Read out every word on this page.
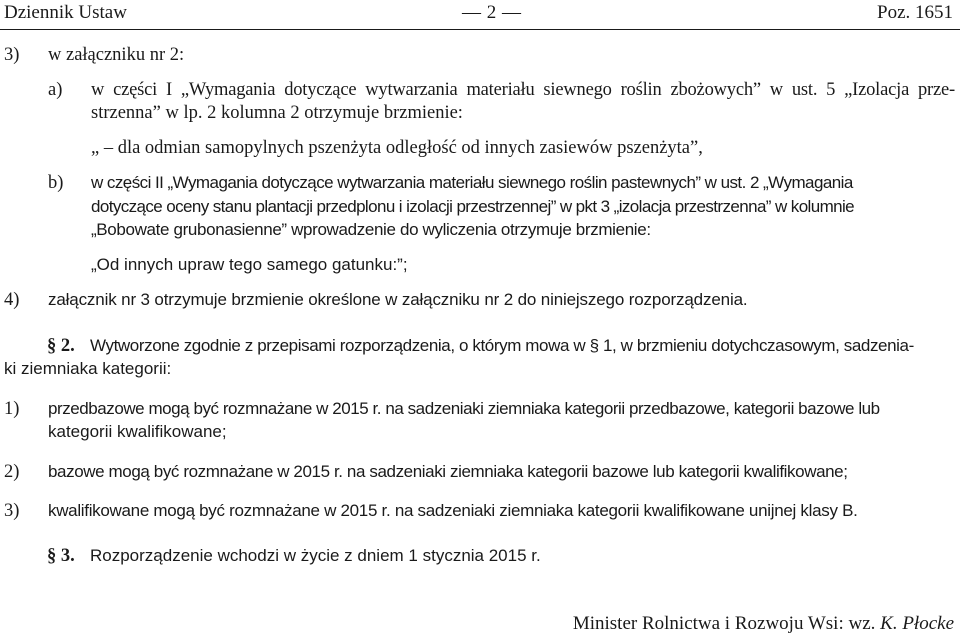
Dziennik Ustaw	— 2 —	Poz. 1651
3) w załączniku nr 2:
a) w części I „Wymagania dotyczące wytwarzania materiału siewnego roślin zbożowych” w ust. 5 „Izolacja prze-
strzenna” w lp. 2 kolumna 2 otrzymuje brzmienie:
„ – dla odmian samopylnych pszenżyta odległość od innych zasiewów pszenżyta”,
b) w części II „Wymagania dotyczące wytwarzania materiału siewnego roślin pastewnych” w ust. 2 „Wymagania
dotyczące oceny stanu plantacji przedplonu i izolacji przestrzennej” w pkt 3 „izolacja przestrzenna” w kolumnie
„Bobowate grubonasienne” wprowadzenie do wyliczenia otrzymuje brzmienie:
„Od innych upraw tego samego gatunku:”;
4) załącznik nr 3 otrzymuje brzmienie określone w załączniku nr 2 do niniejszego rozporządzenia.
§ 2. Wytworzone zgodnie z przepisami rozporządzenia, o którym mowa w § 1, w brzmieniu dotychczasowym, sadzenia-
ki ziemniaka kategorii:
1) przedbazowe mogą być rozmnażane w 2015 r. na sadzeniaki ziemniaka kategorii przedbazowe, kategorii bazowe lub
kategorii kwalifikowane;
2) bazowe mogą być rozmnażane w 2015 r. na sadzeniaki ziemniaka kategorii bazowe lub kategorii kwalifikowane;
3) kwalifikowane mogą być rozmnażane w 2015 r. na sadzeniaki ziemniaka kategorii kwalifikowane unijnej klasy B.
§ 3. Rozporządzenie wchodzi w życie z dniem 1 stycznia 2015 r.
Minister Rolnictwa i Rozwoju Wsi: wz. K. Płocke
